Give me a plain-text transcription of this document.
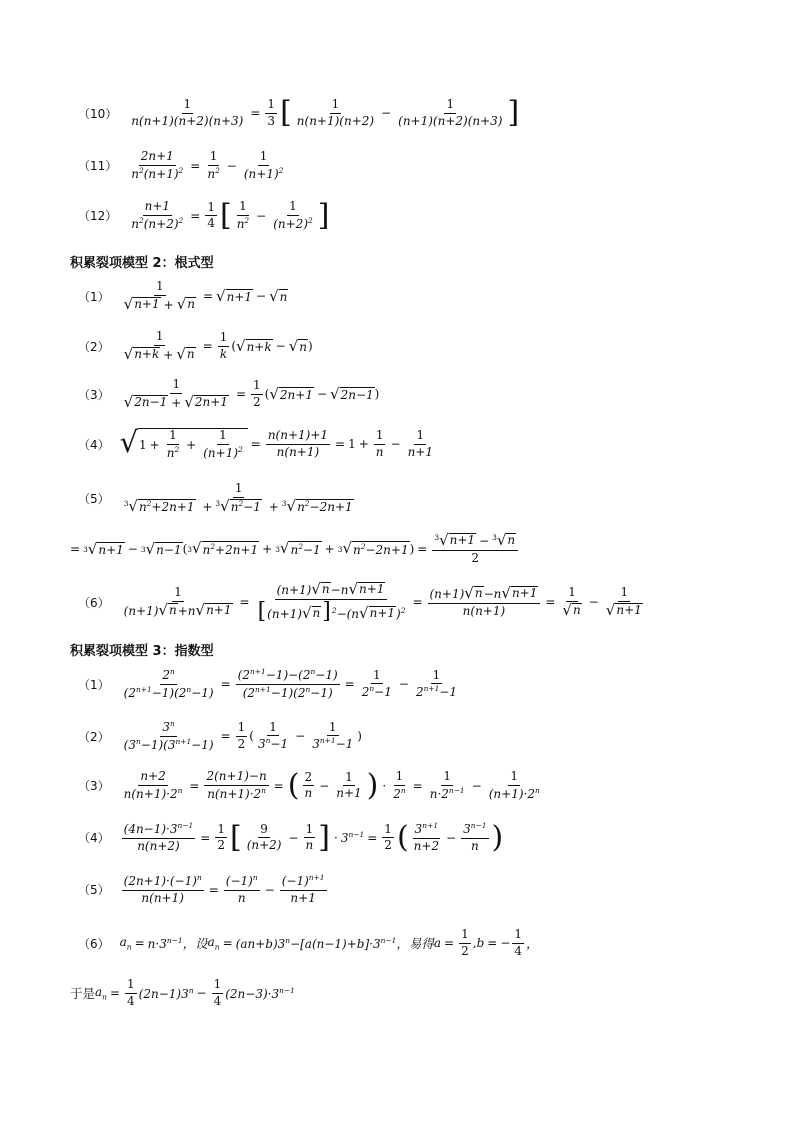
$(10) \frac{1}{n(n+1)(n+2)(n+3)} = \frac{1}{3}$ [ $\frac{1}{n(n+1)(n+2)} - \frac{1}{(n+1)(n+2)(n+3)}$ ]
$(11) \frac{2n+1}{n^2(n+1)^2} = \frac{1}{n^2} - \frac{1}{(n+1)^2}$
$(12) \frac{n+1}{n^2(n+2)^2} = \frac{1}{4}$ [ $\frac{1}{n^2} - \frac{1}{(n+2)^2}$ ]
积累裂项模型 2：根式型
$(1) \frac{1}{√ n+1 + √ n}$ = √ n+1 − √ n
$(2) \frac{1}{√ n+k + √ n} = \frac{1}{k}$ ( √ n+k − √ n )
$(3) \frac{1}{√ 2n-1 + √ 2n+1} = \frac{1}{2}$ ( √ 2n+1 − √ 2n−1 )
（4） √ $1 + \frac{1}{n^2} + \frac{1}{(n+1)^2} = \frac{n(n+1)+1}{n(n+1)} = 1 + \frac{1}{n} - \frac{1}{n+1}$
$(5) \frac{1}{^3 √ n^2+2n+1 + ^3 √ n^2-1 + ^3 √ n^2-2n+1}$
= 3 √ n+1 − 3 √ n−1 ( 3 √ $n^2+2n+1 + 3$ √ $n^2-1 + 3$ √ $n^2-2n+1$ ) = $\frac{^3 √ n+1 - ^3 √ n}{2}$
$(6) \frac{1}{(n+1) √ n +n √ n+1} = \frac{(n+1) √ n -n √ n+1}{[(n+1) √ n ]^2-(n √ n+1 )^2} = \frac{(n+1) √ n -n √ n+1}{n(n+1)} = \frac{1}{√ n} - \frac{1}{√ n+1}$
积累裂项模型 3：指数型
$(1) \frac{2^n}{(2^{n+1}-1)(2^n-1)} = \frac{(2^{n+1}-1)-(2^n-1)}{(2^{n+1}-1)(2^n-1)} = \frac{1}{2^n-1} - \frac{1}{2^{n+1}-1}$
$(2) \frac{3^n}{(3^n-1)(3^{n+1}-1)} = \frac{1}{2}$ ( $\frac{1}{3^n-1} - \frac{1}{3^{n+1}-1}$ )
$(3) \frac{n+2}{n(n+1)\cdot 2^n} = \frac{2(n+1)-n}{n(n+1)\cdot 2^n}$ = ( $\frac{2}{n} - \frac{1}{n+1}$ ) · $\frac{1}{2^n} = \frac{1}{n\cdot 2^{n-1}} - \frac{1}{(n+1)\cdot 2^n}$
$(4) \frac{(4n-1)\cdot 3^{n-1}}{n(n+2)} = \frac{1}{2}$ [ $\frac{9}{(n+2)} - \frac{1}{n}$ ] · $3^{n-1} = \frac{1}{2}$ ( $\frac{3^{n+1}}{n+2} - \frac{3^{n-1}}{n}$ )
$(5) \frac{(2n+1)\cdot(-1)^n}{n(n+1)} = \frac{(-1)^n}{n} - \frac{(-1)^{n+1}}{n+1}$
（6） $a_n = n\cdot 3^{n-1}$ ，设 $a_n = (an+b)3^n-[a(n-1)+b]\cdot 3^{n-1}$ ，易得 $a = \frac{1}{2}$ , b = − $\frac{1}{4}$ ，
于是 $a_n = \frac{1}{4} (2n-1)3^n - \frac{1}{4} (2n-3)\cdot 3^{n-1}$
